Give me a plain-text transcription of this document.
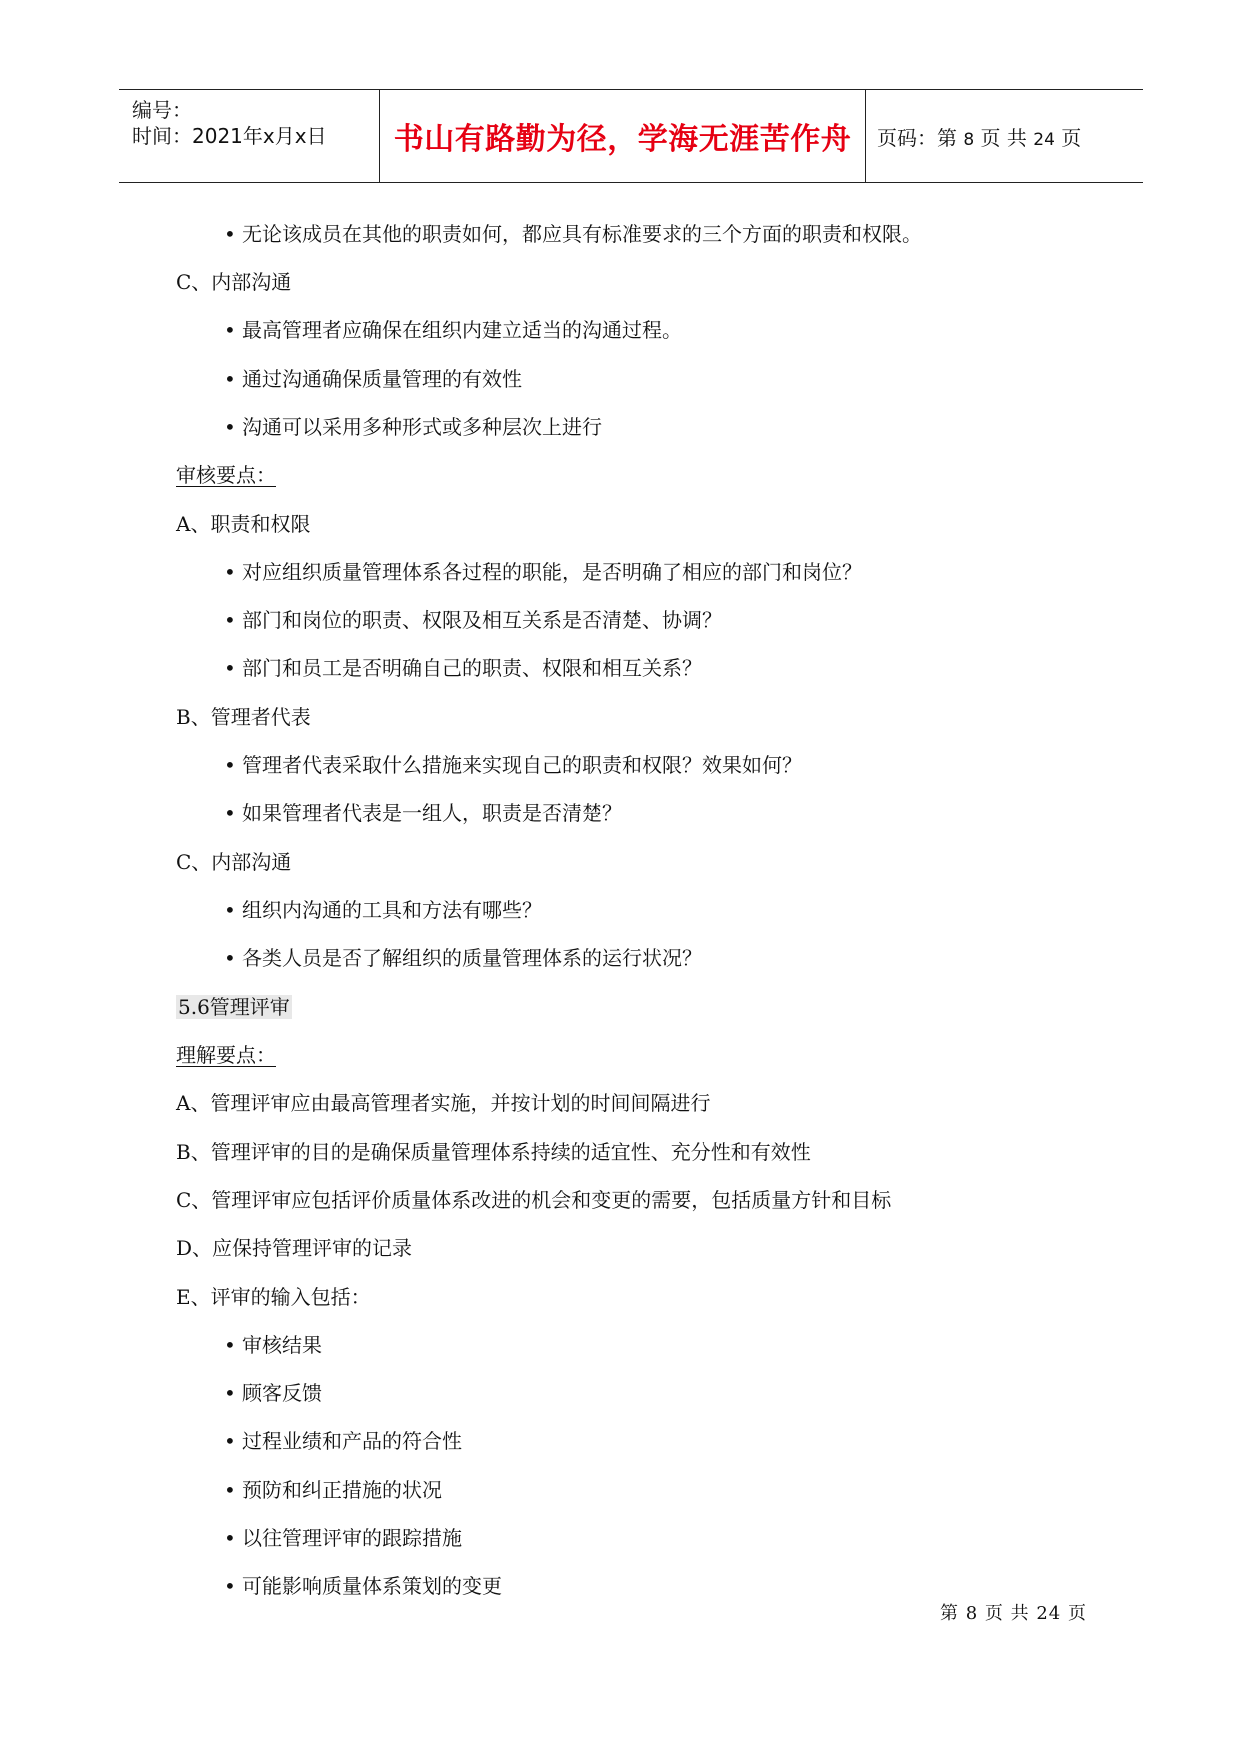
编号：
时间：2021年x月x日 书山有路勤为径，学海无涯苦作舟	页码：第 8 页 共 24 页
• 无论该成员在其他的职责如何，都应具有标准要求的三个方面的职责和权限。
C、内部沟通
• 最高管理者应确保在组织内建立适当的沟通过程。
• 通过沟通确保质量管理的有效性
• 沟通可以采用多种形式或多种层次上进行
审核要点：
A、职责和权限
• 对应组织质量管理体系各过程的职能，是否明确了相应的部门和岗位？
• 部门和岗位的职责、权限及相互关系是否清楚、协调？
• 部门和员工是否明确自己的职责、权限和相互关系？
B、管理者代表
• 管理者代表采取什么措施来实现自己的职责和权限？效果如何？
• 如果管理者代表是一组人，职责是否清楚？
C、内部沟通
• 组织内沟通的工具和方法有哪些？
• 各类人员是否了解组织的质量管理体系的运行状况？
5.6管理评审
理解要点：
A、管理评审应由最高管理者实施，并按计划的时间间隔进行
B、管理评审的目的是确保质量管理体系持续的适宜性、充分性和有效性
C、管理评审应包括评价质量体系改进的机会和变更的需要，包括质量方针和目标
D、应保持管理评审的记录
E、评审的输入包括：
• 审核结果
• 顾客反馈
• 过程业绩和产品的符合性
• 预防和纠正措施的状况
• 以往管理评审的跟踪措施
• 可能影响质量体系策划的变更
第 8 页 共 24 页
